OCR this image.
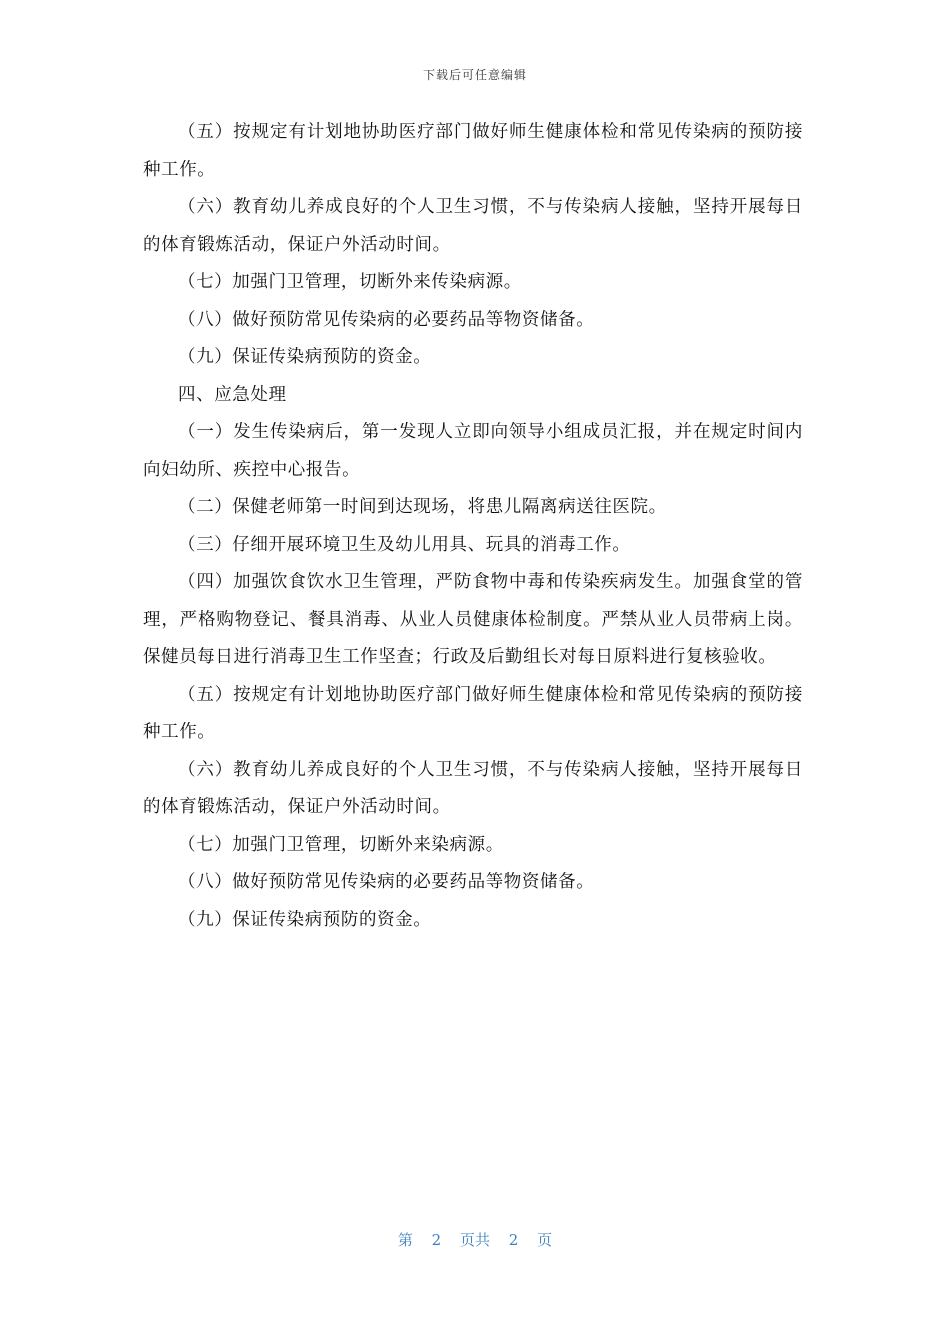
下载后可任意编辑

（五）按规定有计划地协助医疗部门做好师生健康体检和常见传染病的预防接种工作。

（六）教育幼儿养成良好的个人卫生习惯，不与传染病人接触，坚持开展每日的体育锻炼活动，保证户外活动时间。

（七）加强门卫管理，切断外来传染病源。

（八）做好预防常见传染病的必要药品等物资储备。

（九）保证传染病预防的资金。

四、应急处理

（一）发生传染病后，第一发现人立即向领导小组成员汇报，并在规定时间内向妇幼所、疾控中心报告。

（二）保健老师第一时间到达现场，将患儿隔离病送往医院。

（三）仔细开展环境卫生及幼儿用具、玩具的消毒工作。

（四）加强饮食饮水卫生管理，严防食物中毒和传染疾病发生。加强食堂的管理，严格购物登记、餐具消毒、从业人员健康体检制度。严禁从业人员带病上岗。保健员每日进行消毒卫生工作坚查；行政及后勤组长对每日原料进行复核验收。

（五）按规定有计划地协助医疗部门做好师生健康体检和常见传染病的预防接种工作。

（六）教育幼儿养成良好的个人卫生习惯，不与传染病人接触，坚持开展每日的体育锻炼活动，保证户外活动时间。

（七）加强门卫管理，切断外来染病源。

（八）做好预防常见传染病的必要药品等物资储备。

（九）保证传染病预防的资金。

第 2 页共 2 页
